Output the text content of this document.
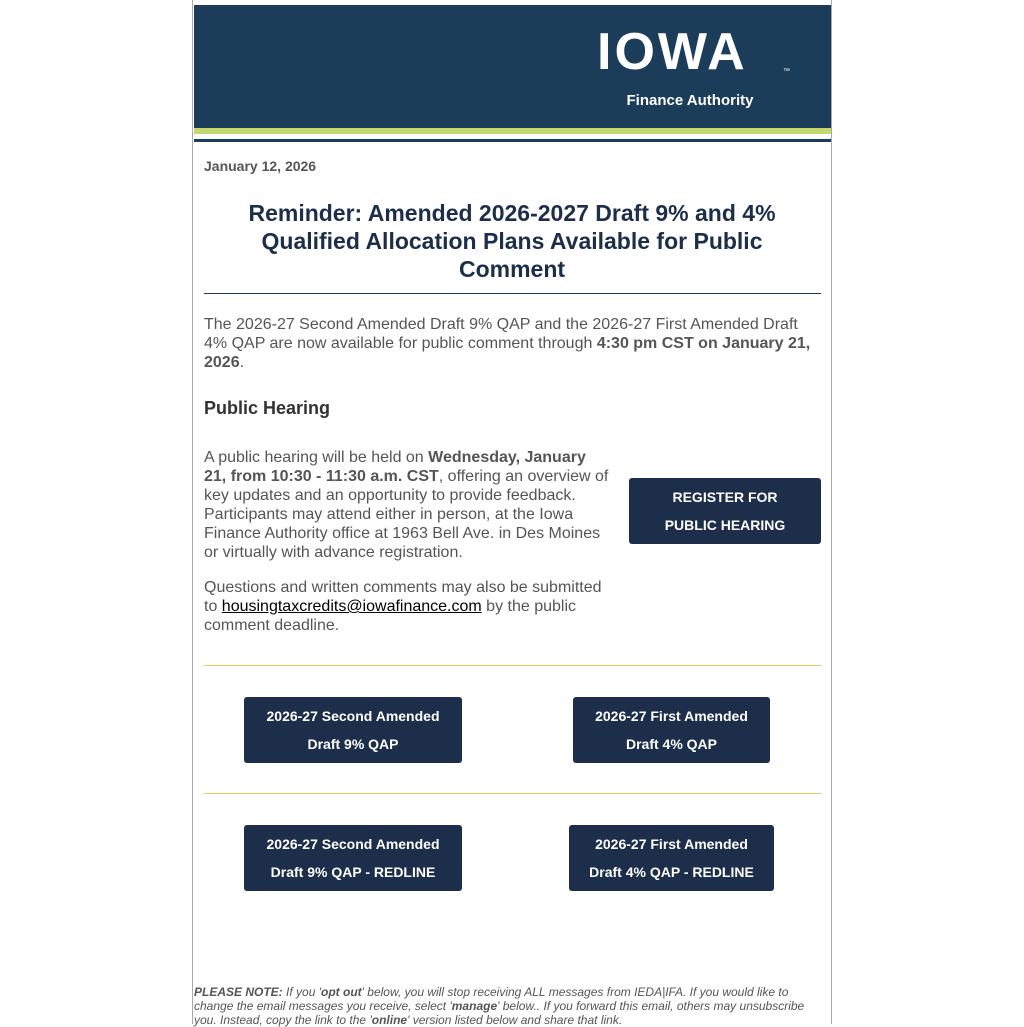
IOWA	™
Finance Authority
January 12, 2026
Reminder: Amended 2026-2027 Draft 9% and 4% Qualified Allocation Plans Available for Public Comment
The 2026-27 Second Amended Draft 9% QAP and the 2026-27 First Amended Draft 4% QAP are now available for public comment through 4:30 pm CST on January 21, 2026.
Public Hearing
A public hearing will be held on Wednesday, January 21, from 10:30 - 11:30 a.m. CST, offering an overview of key updates and an opportunity to provide feedback. Participants may attend either in person, at the Iowa Finance Authority office at 1963 Bell Ave. in Des Moines or virtually with advance registration.
Questions and written comments may also be submitted to housingtaxcredits@iowafinance.com by the public comment deadline.
REGISTER FOR
PUBLIC HEARING
2026-27 Second Amended
Draft 9% QAP
2026-27 First Amended
Draft 4% QAP
2026-27 Second Amended
Draft 9% QAP - REDLINE
2026-27 First Amended
Draft 4% QAP - REDLINE
PLEASE NOTE: If you 'opt out' below, you will stop receiving ALL messages from IEDA|IFA. If you would like to change the email messages you receive, select 'manage' below.. If you forward this email, others may unsubscribe you. Instead, copy the link to the 'online' version listed below and share that link.
